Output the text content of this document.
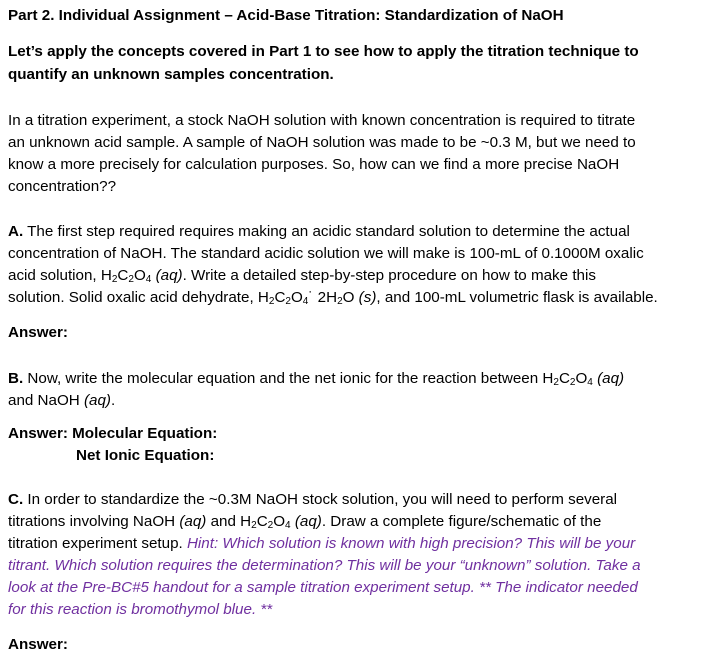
Part 2. Individual Assignment – Acid-Base Titration: Standardization of NaOH
Let’s apply the concepts covered in Part 1 to see how to apply the titration technique to
quantify an unknown samples concentration.
In a titration experiment, a stock NaOH solution with known concentration is required to titrate
an unknown acid sample. A sample of NaOH solution was made to be ~0.3 M, but we need to
know a more precisely for calculation purposes. So, how can we find a more precise NaOH
concentration??
A. The first step required requires making an acidic standard solution to determine the actual
concentration of NaOH. The standard acidic solution we will make is 100-mL of 0.1000M oxalic
acid solution, $H_2C_2O_4$ (aq). Write a detailed step-by-step procedure on how to make this
solution. Solid oxalic acid dehydrate, $H_2C_2O_4˙$ $2H_2O$ (s), and 100-mL volumetric flask is available.
Answer:
B. Now, write the molecular equation and the net ionic for the reaction between $H_2C_2O_4$ (aq)
and NaOH (aq).
Answer: Molecular Equation:
Net Ionic Equation:
C. In order to standardize the ~0.3M NaOH stock solution, you will need to perform several
titrations involving NaOH (aq) and $H_2C_2O_4$ (aq). Draw a complete figure/schematic of the
titration experiment setup. Hint: Which solution is known with high precision? This will be your
titrant. Which solution requires the determination? This will be your “unknown” solution. Take a
look at the Pre-BC#5 handout for a sample titration experiment setup. ** The indicator needed
for this reaction is bromothymol blue. **
Answer:
